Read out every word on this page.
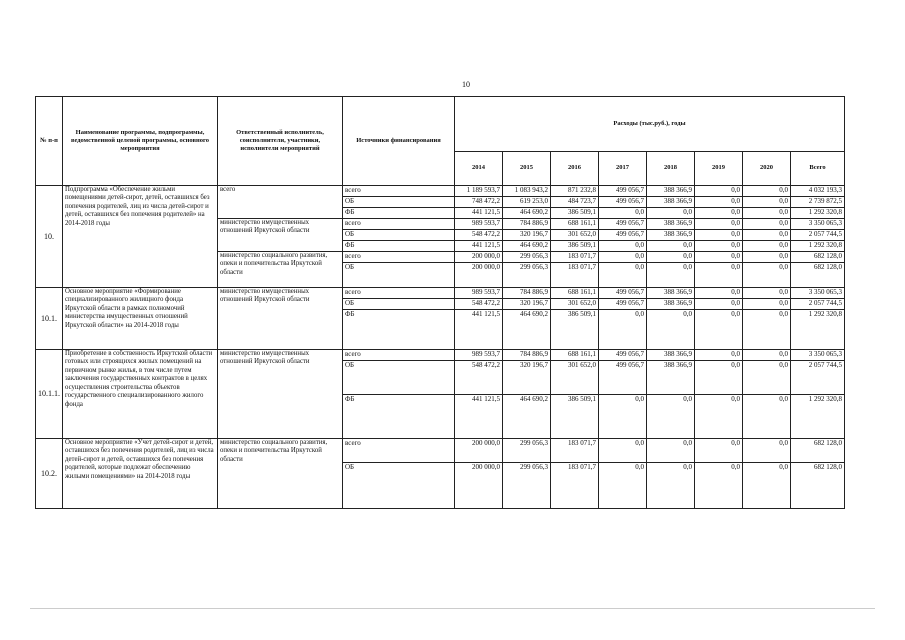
10
№ п-п	Наименование программы, подпрограммы, ведомственной целевой программы, основного мероприятия	Ответственный исполнитель, соисполнители, участники, исполнители мероприятий	Источники финансирования	Расходы (тыс.руб.), годы							
				2014	2015	2016	2017	2018	2019	2020	Всего
10.	Подпрограмма «Обеспечение жильми помещениями детей-сирот, детей, оставшихся без попечения родителей, лиц из числа детей-сирот и детей, оставшихся без попечения родителей» на 2014-2018 годы	всего	всего	1 189 593,7	1 083 943,2	871 232,8	499 056,7	388 366,9	0,0	0,0	4 032 193,3
			ОБ	748 472,2	619 253,0	484 723,7	499 056,7	388 366,9	0,0	0,0	2 739 872,5
			ФБ	441 121,5	464 690,2	386 509,1	0,0	0,0	0,0	0,0	1 292 320,8
		министерство имущественных отношений Иркутской области	всего	989 593,7	784 886,9	688 161,1	499 056,7	388 366,9	0,0	0,0	3 350 065,3
			ОБ	548 472,2	320 196,7	301 652,0	499 056,7	388 366,9	0,0	0,0	2 057 744,5
			ФБ	441 121,5	464 690,2	386 509,1	0,0	0,0	0,0	0,0	1 292 320,8
		министерство социального развития, опеки и попечительства Иркутской области	всего	200 000,0	299 056,3	183 071,7	0,0	0,0	0,0	0,0	682 128,0
			ОБ	200 000,0	299 056,3	183 071,7	0,0	0,0	0,0	0,0	682 128,0
10.1.	Основное мероприятие «Формирование специализированного жилищного фонда Иркутской области в рамках полномочий министерства имущественных отношений Иркутской области» на 2014-2018 годы	министерство имущественных отношений Иркутской области	всего	989 593,7	784 886,9	688 161,1	499 056,7	388 366,9	0,0	0,0	3 350 065,3
			ОБ	548 472,2	320 196,7	301 652,0	499 056,7	388 366,9	0,0	0,0	2 057 744,5
			ФБ	441 121,5	464 690,2	386 509,1	0,0	0,0	0,0	0,0	1 292 320,8
10.1.1.	Приобретение в собственность Иркутской области готовых или строящихся жилых помещений на первичном рынке жилья, в том числе путем заключения государственных контрактов в целях осуществления строительства объектов государственного специализированного жилого фонда	министерство имущественных отношений Иркутской области	всего	989 593,7	784 886,9	688 161,1	499 056,7	388 366,9	0,0	0,0	3 350 065,3
			ОБ	548 472,2	320 196,7	301 652,0	499 056,7	388 366,9	0,0	0,0	2 057 744,5
			ФБ	441 121,5	464 690,2	386 509,1	0,0	0,0	0,0	0,0	1 292 320,8
10.2.	Основное мероприятие «Учет детей-сирот и детей, оставшихся без попечения родителей, лиц из числа детей-сирот и детей, оставшихся без попечения родителей, которые подлежат обеспечению жилыми помещениями» на 2014-2018 годы	министерство социального развития, опеки и попечительства Иркутской области	всего	200 000,0	299 056,3	183 071,7	0,0	0,0	0,0	0,0	682 128,0
			ОБ	200 000,0	299 056,3	183 071,7	0,0	0,0	0,0	0,0	682 128,0
